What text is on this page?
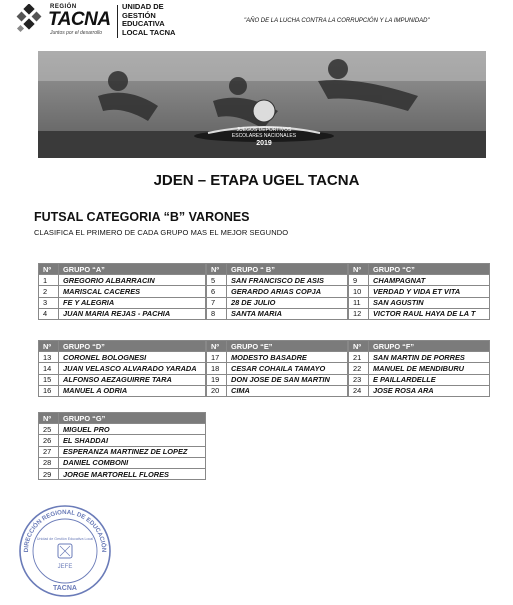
REGIÓN
TACNA
Juntos por el desarrollo
UNIDAD DE
GESTIÓN
EDUCATIVA
LOCAL TACNA
"AÑO DE LA LUCHA CONTRA LA CORRUPCIÓN Y LA IMPUNIDAD"
JUEGOS DEPORTIVOS
ESCOLARES NACIONALES
2019
JDEN – ETAPA UGEL TACNA
FUTSAL CATEGORIA “B” VARONES
CLASIFICA EL PRIMERO DE CADA GRUPO MAS EL MEJOR SEGUNDO
Nº	GRUPO “A”
1	GREGORIO ALBARRACIN
2	MARISCAL CACERES
3	FE Y ALEGRIA
4	JUAN MARIA REJAS - PACHIA
Nº	GRUPO “ B”
5	SAN FRANCISCO DE ASIS
6	GERARDO ARIAS COPJA
7	28 DE JULIO
8	SANTA MARIA
Nº	GRUPO “C”
9	CHAMPAGNAT
10	VERDAD Y VIDA ET VITA
11	SAN AGUSTIN
12	VICTOR RAUL HAYA DE LA T
Nº	GRUPO “D”
13	CORONEL BOLOGNESI
14	JUAN VELASCO ALVARADO YARADA
15	ALFONSO AEZAGUIRRE TARA
16	MANUEL A ODRIA
Nº	GRUPO “E”
17	MODESTO BASADRE
18	CESAR COHAILA TAMAYO
19	DON JOSE DE SAN MARTIN
20	CIMA
Nº	GRUPO “F”
21	SAN MARTIN DE PORRES
22	MANUEL DE MENDIBURU
23	E PAILLARDELLE
24	JOSE ROSA ARA
Nº	GRUPO “G”
25	MIGUEL PRO
26	EL SHADDAI
27	ESPERANZA MARTINEZ DE LOPEZ
28	DANIEL COMBONI
29	JORGE MARTORELL FLORES
DIRECCIÓN REGIONAL DE EDUCACIÓN
Unidad de Gestión Educativa Local
JEFE
TACNA
